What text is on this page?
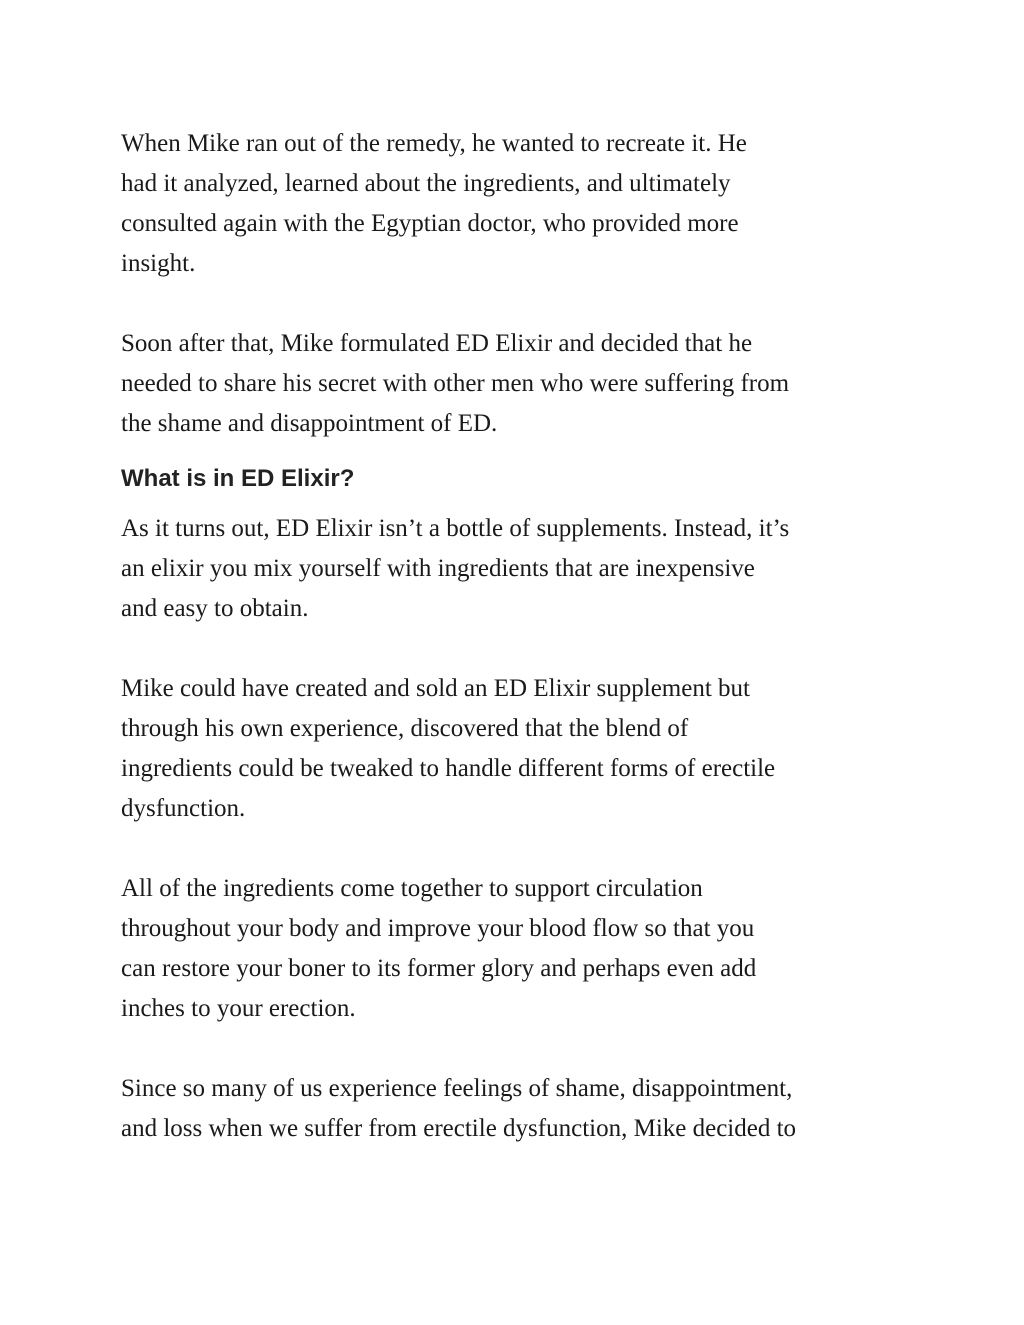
When Mike ran out of the remedy, he wanted to recreate it. He
had it analyzed, learned about the ingredients, and ultimately
consulted again with the Egyptian doctor, who provided more
insight.

Soon after that, Mike formulated ED Elixir and decided that he
needed to share his secret with other men who were suffering from
the shame and disappointment of ED.

What is in ED Elixir?

As it turns out, ED Elixir isn’t a bottle of supplements. Instead, it’s
an elixir you mix yourself with ingredients that are inexpensive
and easy to obtain.

Mike could have created and sold an ED Elixir supplement but
through his own experience, discovered that the blend of
ingredients could be tweaked to handle different forms of erectile
dysfunction.

All of the ingredients come together to support circulation
throughout your body and improve your blood flow so that you
can restore your boner to its former glory and perhaps even add
inches to your erection.

Since so many of us experience feelings of shame, disappointment,
and loss when we suffer from erectile dysfunction, Mike decided to
